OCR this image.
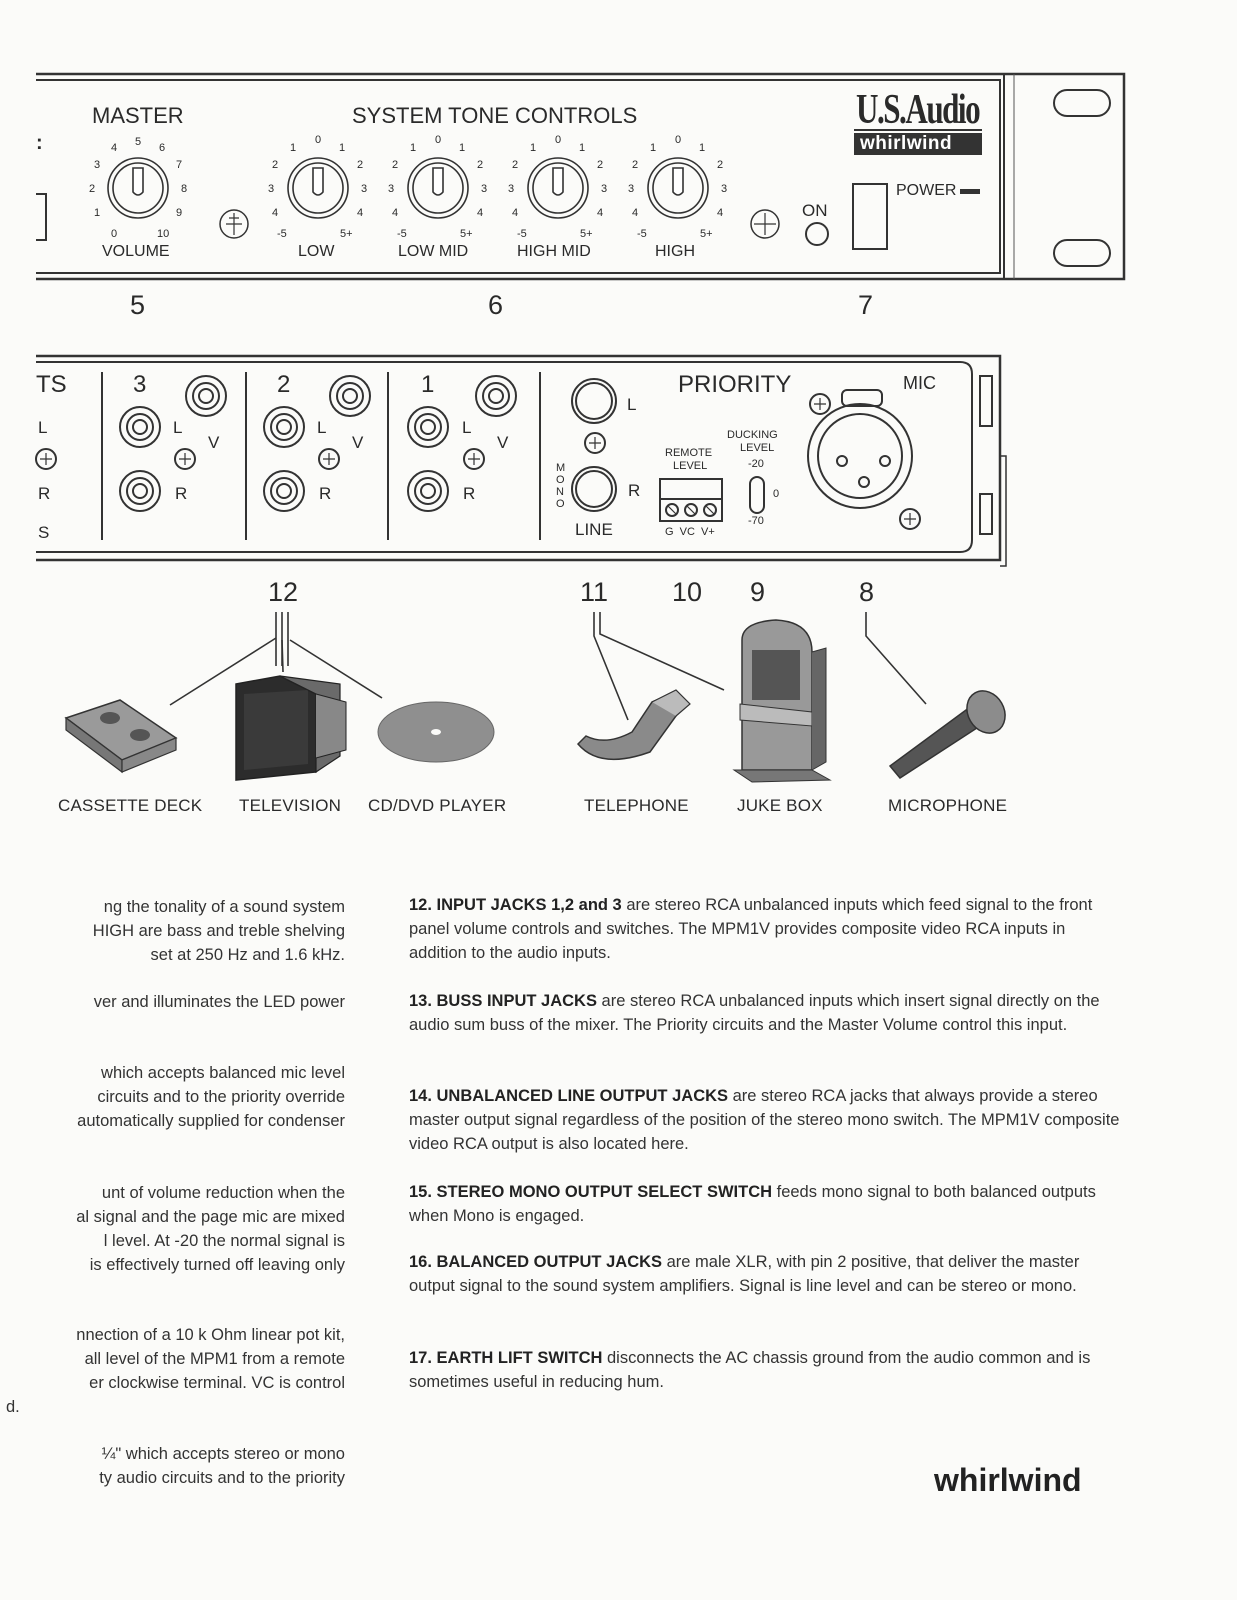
:
MASTER	SYSTEM TONE CONTROLS	U.S.Audio
whirlwind
POWER
ON
0
1
2
3
4 5 6
7
8
9
10	-5
4
3
2
1
0
1
2
3
4
5+	-5
4
3
2
1
0
1
2
3
4
5+	-5
4
3
2
1
0
1
2
3
4
5+	-5
4
3
2
1
0
1
2
3
4
5+
VOLUME	LOW	LOW MID	HIGH MID	HIGH
5	6	7
TS
L
R
S
3	2	1
L
V
R
L
V
R
L
V
R
L
R
MONO
LINE
PRIORITY	MIC
REMOTE
LEVEL
G  VC  V+
DUCKING
LEVEL
-20
0
-70
12	11 10 9	8
CASSETTE DECK TELEVISION CD/DVD PLAYER	TELEPHONE	JUKE BOX	MICROPHONE
ng the tonality of a sound system
HIGH are bass and treble shelving
set at 250 Hz and 1.6 kHz.
ver and illuminates the LED power
which accepts balanced mic level
circuits and to the priority override
automatically supplied for condenser
unt of volume reduction when the
al signal and the page mic are mixed
l level. At -20 the normal signal is
is effectively turned off leaving only
nnection of a 10 k Ohm linear pot kit,
all level of the MPM1 from a remote
er clockwise terminal. VC is control
d.
¼" which accepts stereo or mono
ty audio circuits and to the priority
12. INPUT JACKS 1,2 and 3 are stereo RCA unbalanced inputs which feed signal to the front panel volume controls and switches. The MPM1V provides composite video RCA inputs in addition to the audio inputs.
13. BUSS INPUT JACKS are stereo RCA unbalanced inputs which insert signal directly on the audio sum buss of the mixer. The Priority circuits and the Master Volume control this input.
14. UNBALANCED LINE OUTPUT JACKS are stereo RCA jacks that always provide a stereo master output signal regardless of the position of the stereo mono switch. The MPM1V composite video RCA output is also located here.
15. STEREO MONO OUTPUT SELECT SWITCH feeds mono signal to both balanced outputs when Mono is engaged.
16. BALANCED OUTPUT JACKS are male XLR, with pin 2 positive, that deliver the master output signal to the sound system amplifiers. Signal is line level and can be stereo or mono.
17. EARTH LIFT SWITCH disconnects the AC chassis ground from the audio common and is sometimes useful in reducing hum.
whirlwind
